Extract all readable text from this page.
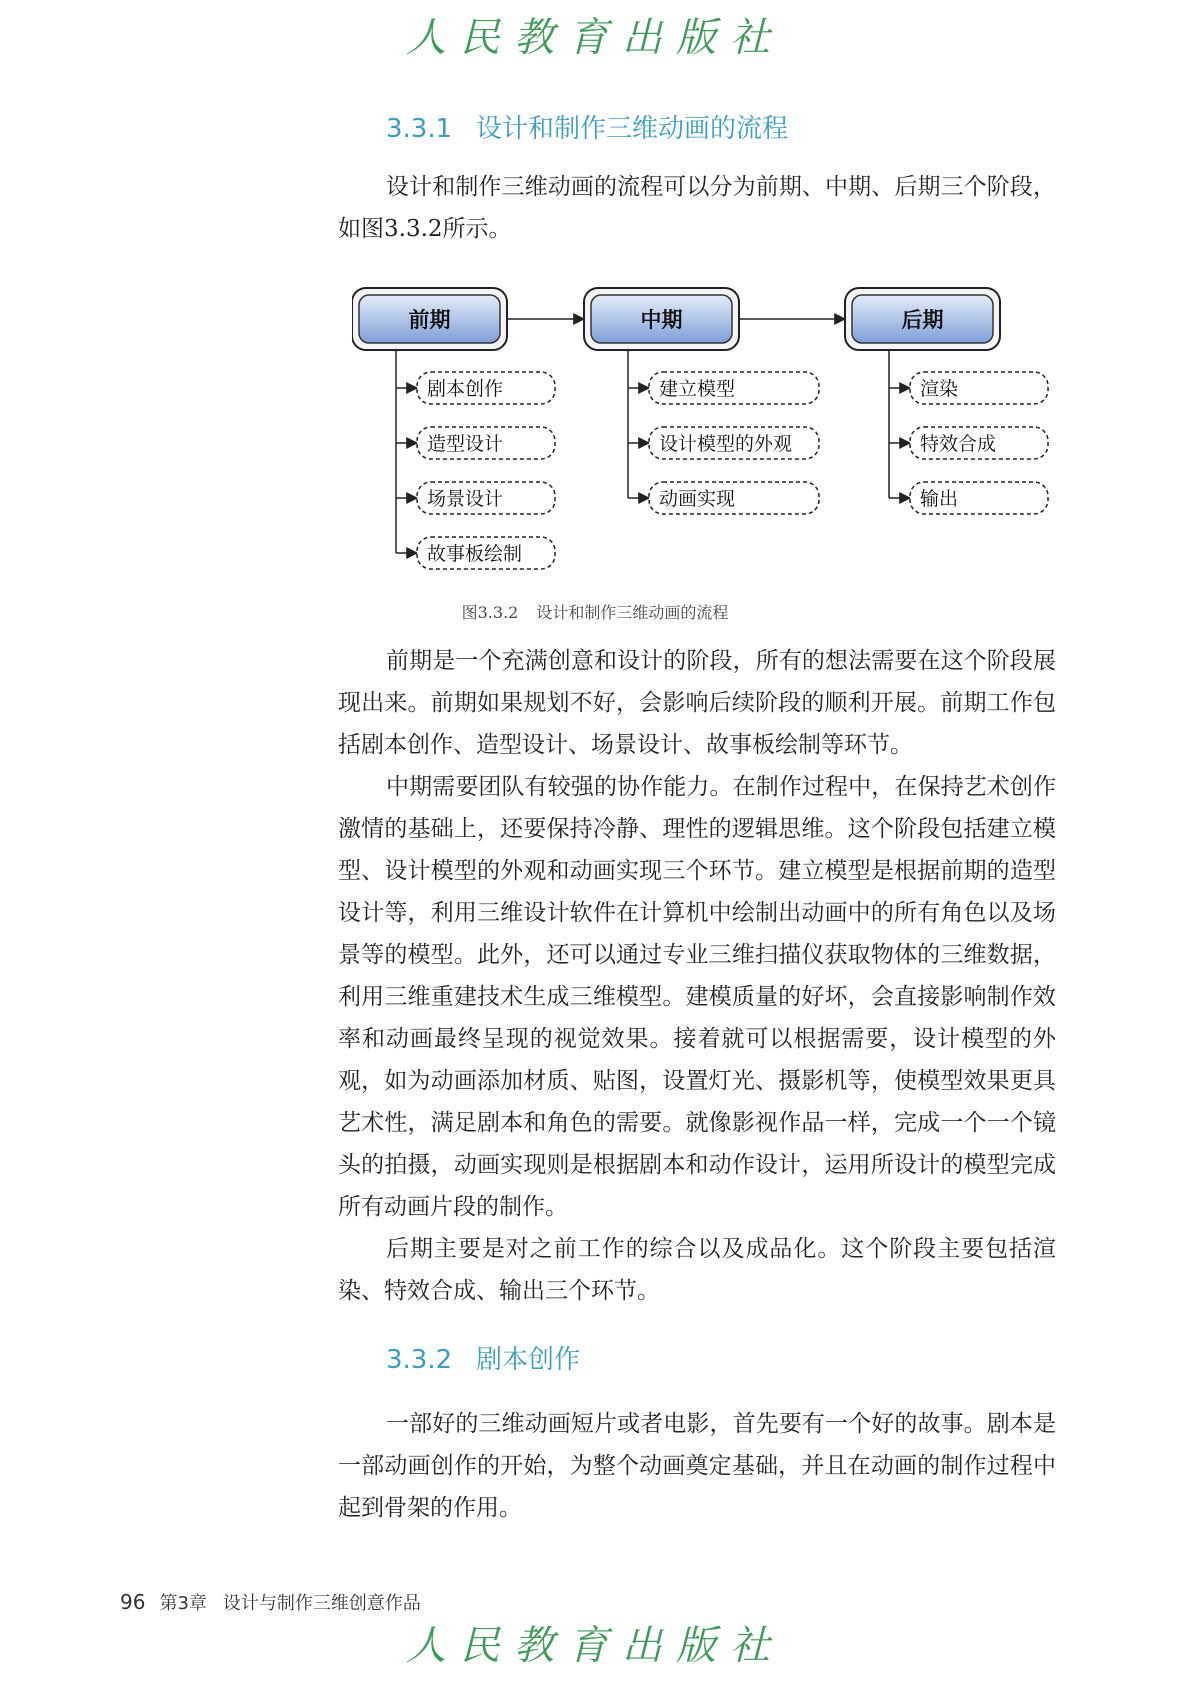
人民教育出版社
3.3.1 设计和制作三维动画的流程

设计和制作三维动画的流程可以分为前期、中期、后期三个阶段，如图3.3.2所示。

前期
剧本创作
造型设计
场景设计
故事板绘制
中期
建立模型
设计模型的外观
动画实现
后期
渲染
特效合成
输出
图3.3.2 设计和制作三维动画的流程

前期是一个充满创意和设计的阶段，所有的想法需要在这个阶段展现出来。前期如果规划不好，会影响后续阶段的顺利开展。前期工作包括剧本创作、造型设计、场景设计、故事板绘制等环节。

中期需要团队有较强的协作能力。在制作过程中，在保持艺术创作激情的基础上，还要保持冷静、理性的逻辑思维。这个阶段包括建立模型、设计模型的外观和动画实现三个环节。建立模型是根据前期的造型设计等，利用三维设计软件在计算机中绘制出动画中的所有角色以及场景等的模型。此外，还可以通过专业三维扫描仪获取物体的三维数据，利用三维重建技术生成三维模型。建模质量的好坏，会直接影响制作效率和动画最终呈现的视觉效果。接着就可以根据需要，设计模型的外观，如为动画添加材质、贴图，设置灯光、摄影机等，使模型效果更具艺术性，满足剧本和角色的需要。就像影视作品一样，完成一个一个镜头的拍摄，动画实现则是根据剧本和动作设计，运用所设计的模型完成所有动画片段的制作。

后期主要是对之前工作的综合以及成品化。这个阶段主要包括渲染、特效合成、输出三个环节。

3.3.2 剧本创作

一部好的三维动画短片或者电影，首先要有一个好的故事。剧本是一部动画创作的开始，为整个动画奠定基础，并且在动画的制作过程中起到骨架的作用。

96 第3章 设计与制作三维创意作品
人民教育出版社
